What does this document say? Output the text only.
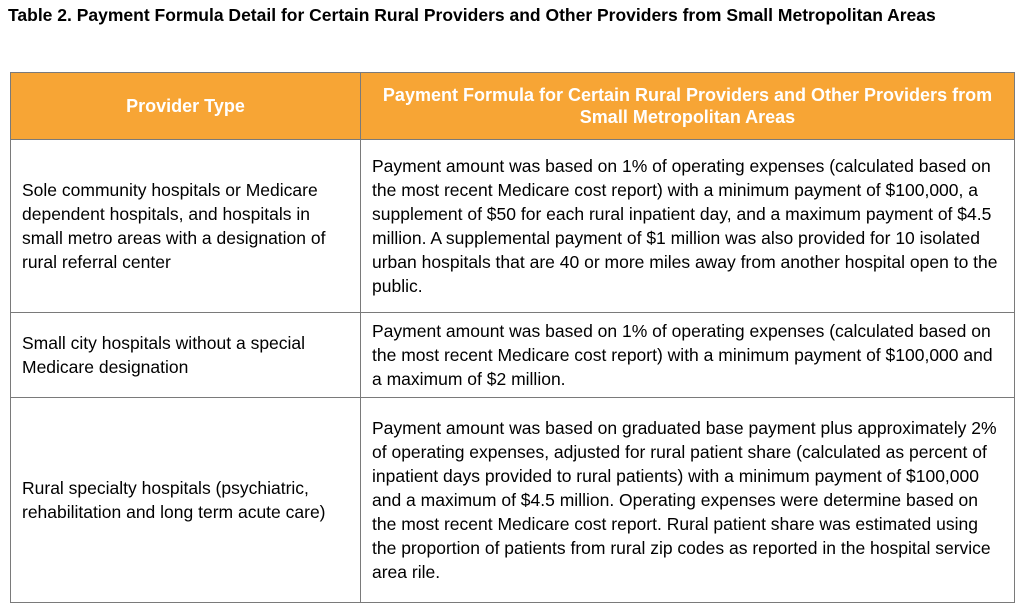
Table 2. Payment Formula Detail for Certain Rural Providers and Other Providers from Small Metropolitan Areas
Provider Type	Payment Formula for Certain Rural Providers and Other Providers from Small Metropolitan Areas
Sole community hospitals or Medicare dependent hospitals, and hospitals in small metro areas with a designation of rural referral center	Payment amount was based on 1% of operating expenses (calculated based on the most recent Medicare cost report) with a minimum payment of $100,000, a supplement of $50 for each rural inpatient day, and a maximum payment of $4.5 million. A supplemental payment of $1 million was also provided for 10 isolated urban hospitals that are 40 or more miles away from another hospital open to the public.
Small city hospitals without a special Medicare designation	Payment amount was based on 1% of operating expenses (calculated based on the most recent Medicare cost report) with a minimum payment of $100,000 and a maximum of $2 million.
Rural specialty hospitals (psychiatric, rehabilitation and long term acute care)	Payment amount was based on graduated base payment plus approximately 2% of operating expenses, adjusted for rural patient share (calculated as percent of inpatient days provided to rural patients) with a minimum payment of $100,000 and a maximum of $4.5 million. Operating expenses were determine based on the most recent Medicare cost report. Rural patient share was estimated using the proportion of patients from rural zip codes as reported in the hospital service area rile.
